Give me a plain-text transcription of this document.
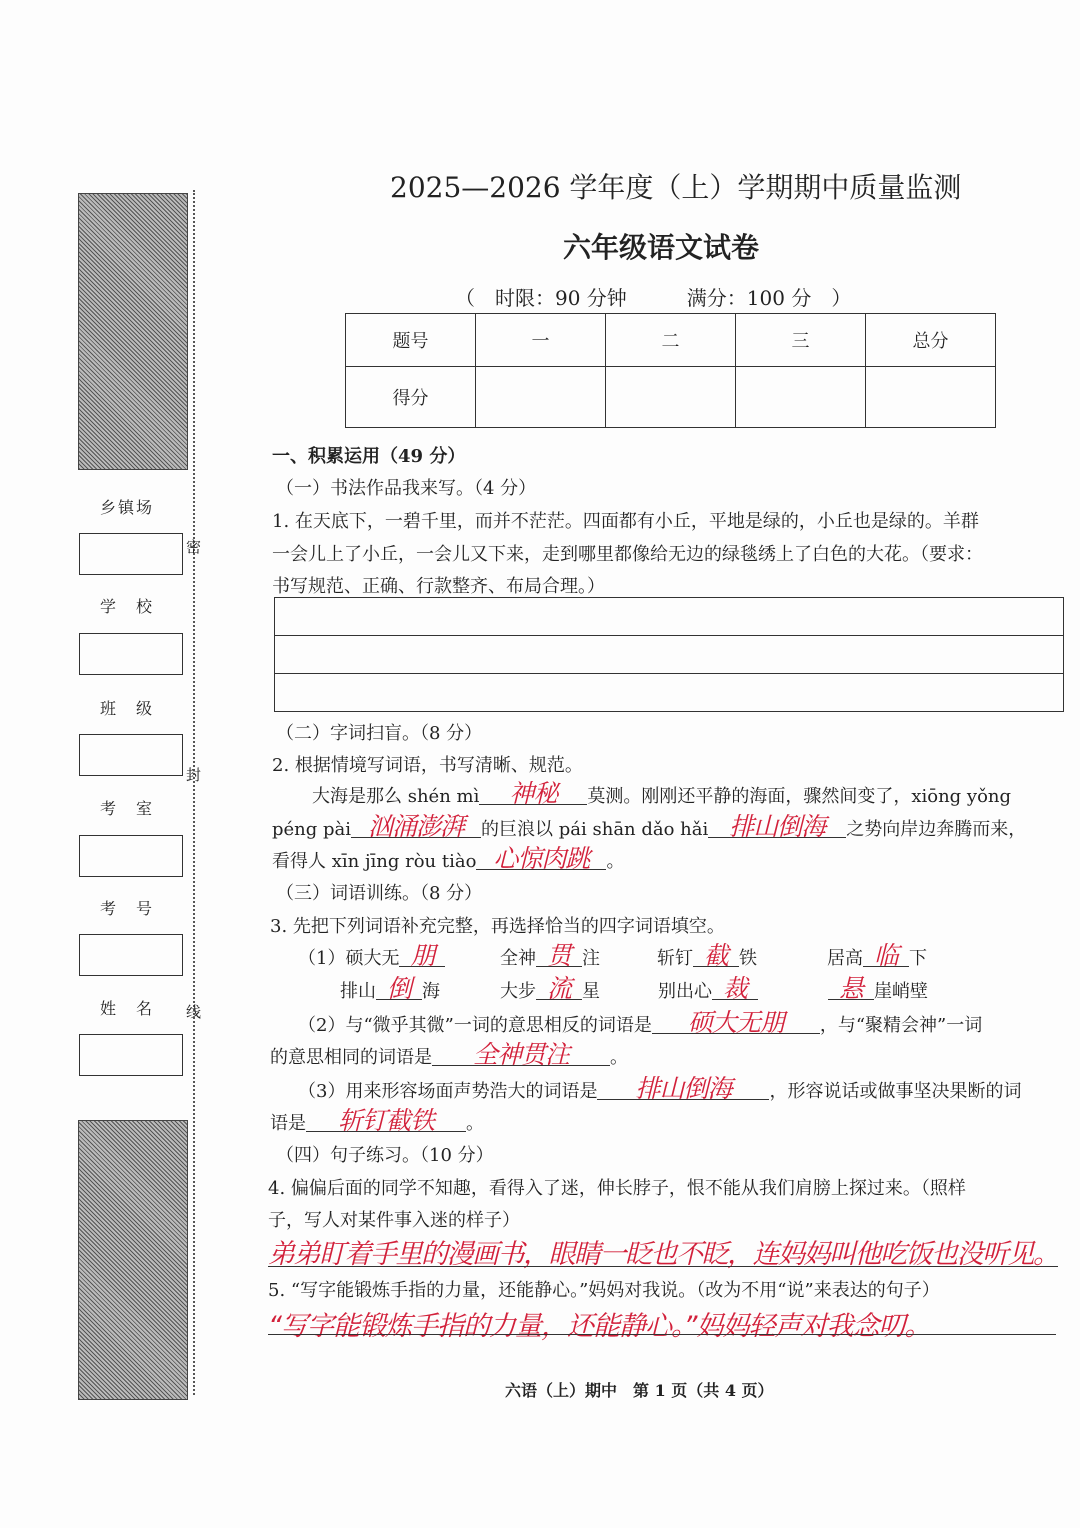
乡镇场
学　校
班　级
考　室
考　号
姓　名
密
封
线
2025—2026 学年度（上）学期期中质量监测
六年级语文试卷
（　时限：90 分钟　　　满分：100 分　）
题号	一	二	三	总分
得分				
一、积累运用（49 分）
（一）书法作品我来写。（4 分）
1. 在天底下，一碧千里，而并不茫茫。四面都有小丘，平地是绿的，小丘也是绿的。羊群
一会儿上了小丘，一会儿又下来，走到哪里都像给无边的绿毯绣上了白色的大花。（要求：
书写规范、正确、行款整齐、布局合理。）
（二）字词扫盲。（8 分）
2. 根据情境写词语，书写清晰、规范。
大海是那么 shén mì 神秘 莫测。刚刚还平静的海面，骤然间变了，xiōng yǒng
péng pài 汹涌澎湃 的巨浪以 pái shān dǎo hǎi 排山倒海 之势向岸边奔腾而来，
看得人 xīn jīng ròu tiào 心惊肉跳 。
（三）词语训练。（8 分）
3. 先把下列词语补充完整，再选择恰当的四字词语填空。
（1）硕大无 朋	全神 贯 注	斩钉 截 铁	居高 临 下
排山 倒 海	大步 流 星	别出心 裁	悬 崖峭壁
（2）与“微乎其微”一词的意思相反的词语是 硕大无朋 ，与“聚精会神”一词
的意思相同的词语是 全神贯注 。
（3）用来形容场面声势浩大的词语是 排山倒海 ，形容说话或做事坚决果断的词
语是 斩钉截铁 。
（四）句子练习。（10 分）
4. 偏偏后面的同学不知趣，看得入了迷，伸长脖子，恨不能从我们肩膀上探过来。（照样
子，写人对某件事入迷的样子）
弟弟盯着手里的漫画书，眼睛一眨也不眨，连妈妈叫他吃饭也没听见。
5. “写字能锻炼手指的力量，还能静心。”妈妈对我说。（改为不用“说”来表达的句子）
“写字能锻炼手指的力量，还能静心。”妈妈轻声对我念叨。
六语（上）期中　第 1 页（共 4 页）
